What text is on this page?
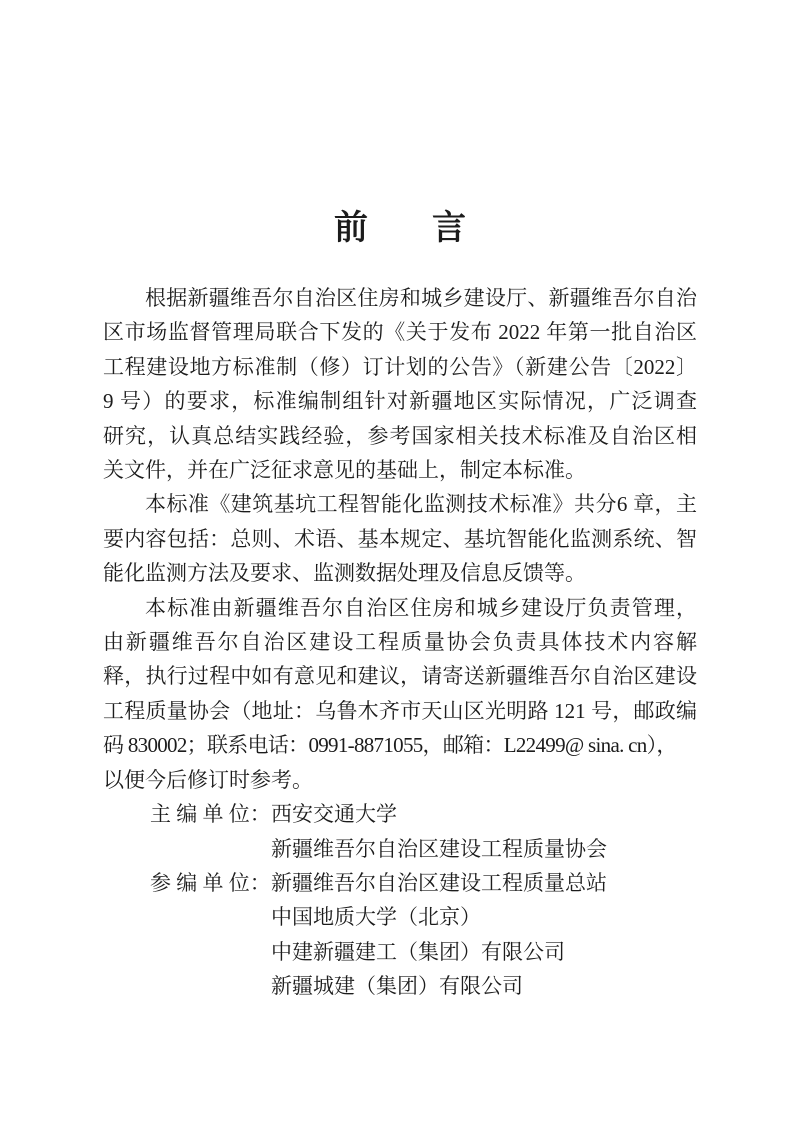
前 言
根据新疆维吾尔自治区住房和城乡建设厅、新疆维吾尔自治
区市场监督管理局联合下发的《关于发布 2022 年第一批自治区
工程建设地方标准制（修）订计划的公告》（新建公告〔2022〕
9 号）的要求，标准编制组针对新疆地区实际情况，广泛调查
研究，认真总结实践经验，参考国家相关技术标准及自治区相
关文件，并在广泛征求意见的基础上，制定本标准。
本标准《建筑基坑工程智能化监测技术标准》共分6 章，主
要内容包括：总则、术语、基本规定、基坑智能化监测系统、智
能化监测方法及要求、监测数据处理及信息反馈等。
本标准由新疆维吾尔自治区住房和城乡建设厅负责管理，
由新疆维吾尔自治区建设工程质量协会负责具体技术内容解
释，执行过程中如有意见和建议，请寄送新疆维吾尔自治区建设
工程质量协会（地址：乌鲁木齐市天山区光明路 121 号，邮政编
码 830002；联系电话：0991-8871055，邮箱：L22499@ sina. cn），
以便今后修订时参考。
主 编 单 位： 西安交通大学
新疆维吾尔自治区建设工程质量协会
参 编 单 位： 新疆维吾尔自治区建设工程质量总站
中国地质大学（北京）
中建新疆建工（集团）有限公司
新疆城建（集团）有限公司
